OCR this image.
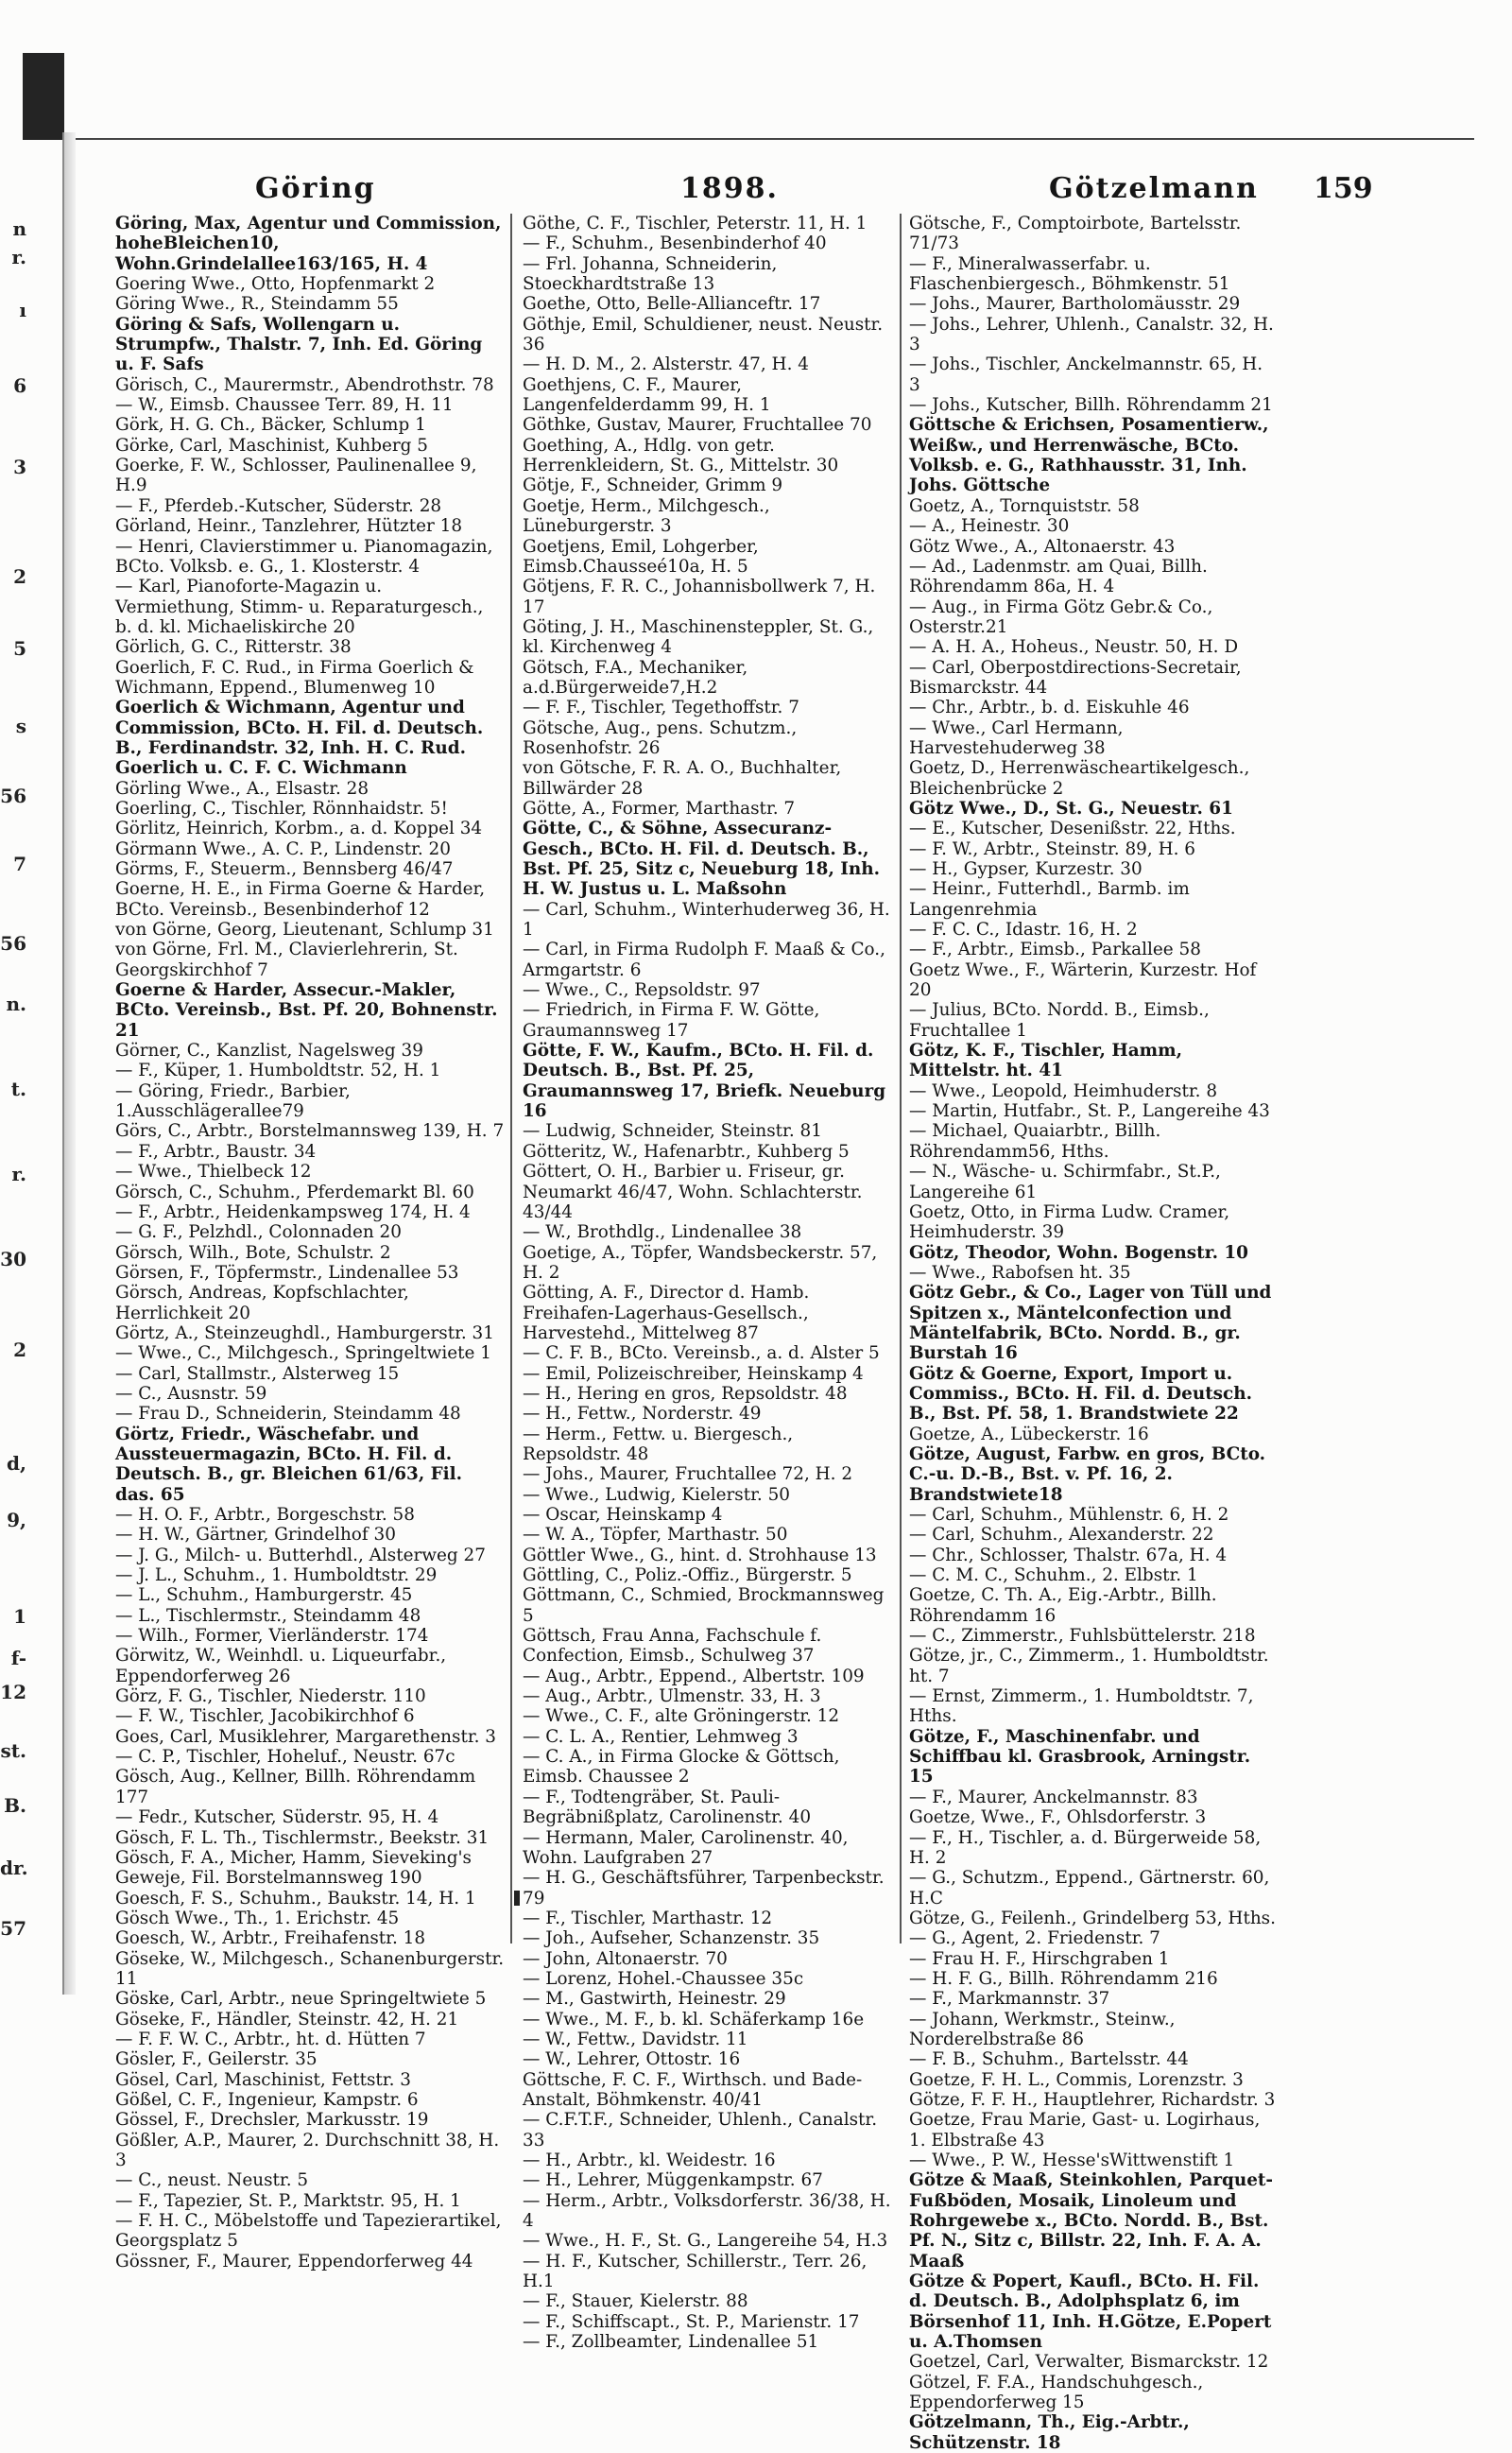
n
r.
ı
6
3
2
5
s
56
7
56
n.
t.
r.
30
2
d,
9,
1
f-
12
st.
B.
dr.
57
Göring	1898.	Götzelmann 159

Göring, Max, Agentur und Commission, hoheBleichen10, Wohn.Grindelallee163/165, H. 4

Goering Wwe., Otto, Hopfenmarkt 2

Göring Wwe., R., Steindamm 55

Göring & Safs, Wollengarn u. Strumpfw., Thalstr. 7, Inh. Ed. Göring u. F. Safs

Görisch, C., Maurermstr., Abendrothstr. 78

— W., Eimsb. Chaussee Terr. 89, H. 11

Görk, H. G. Ch., Bäcker, Schlump 1

Görke, Carl, Maschinist, Kuhberg 5

Goerke, F. W., Schlosser, Paulinenallee 9, H.9

— F., Pferdeb.-Kutscher, Süderstr. 28

Görland, Heinr., Tanzlehrer, Hützter 18

— Henri, Clavierstimmer u. Pianomagazin, BCto. Volksb. e. G., 1. Klosterstr. 4

— Karl, Pianoforte-Magazin u. Vermiethung, Stimm- u. Reparaturgesch., b. d. kl. Michaeliskirche 20

Görlich, G. C., Ritterstr. 38

Goerlich, F. C. Rud., in Firma Goerlich & Wichmann, Eppend., Blumenweg 10

Goerlich & Wichmann, Agentur und Commission, BCto. H. Fil. d. Deutsch. B., Ferdinandstr. 32, Inh. H. C. Rud. Goerlich u. C. F. C. Wichmann

Görling Wwe., A., Elsastr. 28

Goerling, C., Tischler, Rönnhaidstr. 5!

Görlitz, Heinrich, Korbm., a. d. Koppel 34

Görmann Wwe., A. C. P., Lindenstr. 20

Görms, F., Steuerm., Bennsberg 46/47

Goerne, H. E., in Firma Goerne & Harder, BCto. Vereinsb., Besenbinderhof 12

von Görne, Georg, Lieutenant, Schlump 31

von Görne, Frl. M., Clavierlehrerin, St. Georgskirchhof 7

Goerne & Harder, Assecur.-Makler, BCto. Vereinsb., Bst. Pf. 20, Bohnenstr. 21

Görner, C., Kanzlist, Nagelsweg 39

— F., Küper, 1. Humboldtstr. 52, H. 1

— Göring, Friedr., Barbier, 1.Ausschlägerallee79

Görs, C., Arbtr., Borstelmannsweg 139, H. 7

— F., Arbtr., Baustr. 34

— Wwe., Thielbeck 12

Görsch, C., Schuhm., Pferdemarkt Bl. 60

— F., Arbtr., Heidenkampsweg 174, H. 4

— G. F., Pelzhdl., Colonnaden 20

Görsch, Wilh., Bote, Schulstr. 2

Görsen, F., Töpfermstr., Lindenallee 53

Görsch, Andreas, Kopfschlachter, Herrlichkeit 20

Görtz, A., Steinzeughdl., Hamburgerstr. 31

— Wwe., C., Milchgesch., Springeltwiete 1

— Carl, Stallmstr., Alsterweg 15

— C., Ausnstr. 59

— Frau D., Schneiderin, Steindamm 48

Görtz, Friedr., Wäschefabr. und Aussteuermagazin, BCto. H. Fil. d. Deutsch. B., gr. Bleichen 61/63, Fil. das. 65

— H. O. F., Arbtr., Borgeschstr. 58

— H. W., Gärtner, Grindelhof 30

— J. G., Milch- u. Butterhdl., Alsterweg 27

— J. L., Schuhm., 1. Humboldtstr. 29

— L., Schuhm., Hamburgerstr. 45

— L., Tischlermstr., Steindamm 48

— Wilh., Former, Vierländerstr. 174

Görwitz, W., Weinhdl. u. Liqueurfabr., Eppendorferweg 26

Görz, F. G., Tischler, Niederstr. 110

— F. W., Tischler, Jacobikirchhof 6

Goes, Carl, Musiklehrer, Margarethenstr. 3

— C. P., Tischler, Hoheluf., Neustr. 67c

Gösch, Aug., Kellner, Billh. Röhrendamm 177

— Fedr., Kutscher, Süderstr. 95, H. 4

Gösch, F. L. Th., Tischlermstr., Beekstr. 31

Gösch, F. A., Micher, Hamm, Sieveking's Geweje, Fil. Borstelmannsweg 190

Goesch, F. S., Schuhm., Baukstr. 14, H. 1

Gösch Wwe., Th., 1. Erichstr. 45

Goesch, W., Arbtr., Freihafenstr. 18

Göseke, W., Milchgesch., Schanenburgerstr. 11

Göske, Carl, Arbtr., neue Springeltwiete 5

Göseke, F., Händler, Steinstr. 42, H. 21

— F. F. W. C., Arbtr., ht. d. Hütten 7

Gösler, F., Geilerstr. 35

Gösel, Carl, Maschinist, Fettstr. 3

Gößel, C. F., Ingenieur, Kampstr. 6

Gössel, F., Drechsler, Markusstr. 19

Gößler, A.P., Maurer, 2. Durchschnitt 38, H. 3

— C., neust. Neustr. 5

— F., Tapezier, St. P., Marktstr. 95, H. 1

— F. H. C., Möbelstoffe und Tapezierartikel, Georgsplatz 5

Gössner, F., Maurer, Eppendorferweg 44

Göthe, C. F., Tischler, Peterstr. 11, H. 1

— F., Schuhm., Besenbinderhof 40

— Frl. Johanna, Schneiderin, Stoeckhardtstraße 13

Goethe, Otto, Belle-Allianceftr. 17

Göthje, Emil, Schuldiener, neust. Neustr. 36

— H. D. M., 2. Alsterstr. 47, H. 4

Goethjens, C. F., Maurer, Langenfelderdamm 99, H. 1

Göthke, Gustav, Maurer, Fruchtallee 70

Goething, A., Hdlg. von getr. Herrenkleidern, St. G., Mittelstr. 30

Götje, F., Schneider, Grimm 9

Goetje, Herm., Milchgesch., Lüneburgerstr. 3

Goetjens, Emil, Lohgerber, Eimsb.Chausseé10a, H. 5

Götjens, F. R. C., Johannisbollwerk 7, H. 17

Göting, J. H., Maschinensteppler, St. G., kl. Kirchenweg 4

Götsch, F.A., Mechaniker, a.d.Bürgerweide7,H.2

— F. F., Tischler, Tegethoffstr. 7

Götsche, Aug., pens. Schutzm., Rosenhofstr. 26

von Götsche, F. R. A. O., Buchhalter, Billwärder 28

Götte, A., Former, Marthastr. 7

Götte, C., & Söhne, Assecuranz-Gesch., BCto. H. Fil. d. Deutsch. B., Bst. Pf. 25, Sitz c, Neueburg 18, Inh. H. W. Justus u. L. Maßsohn

— Carl, Schuhm., Winterhuderweg 36, H. 1

— Carl, in Firma Rudolph F. Maaß & Co., Armgartstr. 6

— Wwe., C., Repsoldstr. 97

— Friedrich, in Firma F. W. Götte, Graumannsweg 17

Götte, F. W., Kaufm., BCto. H. Fil. d. Deutsch. B., Bst. Pf. 25, Graumannsweg 17, Briefk. Neueburg 16

— Ludwig, Schneider, Steinstr. 81

Götteritz, W., Hafenarbtr., Kuhberg 5

Göttert, O. H., Barbier u. Friseur, gr. Neumarkt 46/47, Wohn. Schlachterstr. 43/44

— W., Brothdlg., Lindenallee 38

Goetige, A., Töpfer, Wandsbeckerstr. 57, H. 2

Götting, A. F., Director d. Hamb. Freihafen-Lagerhaus-Gesellsch., Harvestehd., Mittelweg 87

— C. F. B., BCto. Vereinsb., a. d. Alster 5

— Emil, Polizeischreiber, Heinskamp 4

— H., Hering en gros, Repsoldstr. 48

— H., Fettw., Norderstr. 49

— Herm., Fettw. u. Biergesch., Repsoldstr. 48

— Johs., Maurer, Fruchtallee 72, H. 2

— Wwe., Ludwig, Kielerstr. 50

— Oscar, Heinskamp 4

— W. A., Töpfer, Marthastr. 50

Göttler Wwe., G., hint. d. Strohhause 13

Göttling, C., Poliz.-Offiz., Bürgerstr. 5

Göttmann, C., Schmied, Brockmannsweg 5

Göttsch, Frau Anna, Fachschule f. Confection, Eimsb., Schulweg 37

— Aug., Arbtr., Eppend., Albertstr. 109

— Aug., Arbtr., Ulmenstr. 33, H. 3

— Wwe., C. F., alte Gröningerstr. 12

— C. L. A., Rentier, Lehmweg 3

— C. A., in Firma Glocke & Göttsch, Eimsb. Chaussee 2

— F., Todtengräber, St. Pauli-Begräbnißplatz, Carolinenstr. 40

— Hermann, Maler, Carolinenstr. 40, Wohn. Laufgraben 27

— H. G., Geschäftsführer, Tarpenbeckstr. 79

— F., Tischler, Marthastr. 12

— Joh., Aufseher, Schanzenstr. 35

— John, Altonaerstr. 70

— Lorenz, Hohel.-Chaussee 35c

— M., Gastwirth, Heinestr. 29

— Wwe., M. F., b. kl. Schäferkamp 16e

— W., Fettw., Davidstr. 11

— W., Lehrer, Ottostr. 16

Göttsche, F. C. F., Wirthsch. und Bade-Anstalt, Böhmkenstr. 40/41

— C.F.T.F., Schneider, Uhlenh., Canalstr. 33

— H., Arbtr., kl. Weidestr. 16

— H., Lehrer, Müggenkampstr. 67

— Herm., Arbtr., Volksdorferstr. 36/38, H. 4

— Wwe., H. F., St. G., Langereihe 54, H.3

— H. F., Kutscher, Schillerstr., Terr. 26, H.1

— F., Stauer, Kielerstr. 88

— F., Schiffscapt., St. P., Marienstr. 17

— F., Zollbeamter, Lindenallee 51

Götsche, F., Comptoirbote, Bartelsstr. 71/73

— F., Mineralwasserfabr. u. Flaschenbiergesch., Böhmkenstr. 51

— Johs., Maurer, Bartholomäusstr. 29

— Johs., Lehrer, Uhlenh., Canalstr. 32, H. 3

— Johs., Tischler, Anckelmannstr. 65, H. 3

— Johs., Kutscher, Billh. Röhrendamm 21

Göttsche & Erichsen, Posamentierw., Weißw., und Herrenwäsche, BCto. Volksb. e. G., Rathhausstr. 31, Inh. Johs. Göttsche

Goetz, A., Tornquiststr. 58

— A., Heinestr. 30

Götz Wwe., A., Altonaerstr. 43

— Ad., Ladenmstr. am Quai, Billh. Röhrendamm 86a, H. 4

— Aug., in Firma Götz Gebr.& Co., Osterstr.21

— A. H. A., Hoheus., Neustr. 50, H. D

— Carl, Oberpostdirections-Secretair, Bismarckstr. 44

— Chr., Arbtr., b. d. Eiskuhle 46

— Wwe., Carl Hermann, Harvestehuderweg 38

Goetz, D., Herrenwäscheartikelgesch., Bleichenbrücke 2

Götz Wwe., D., St. G., Neuestr. 61

— E., Kutscher, Desenißstr. 22, Hths.

— F. W., Arbtr., Steinstr. 89, H. 6

— H., Gypser, Kurzestr. 30

— Heinr., Futterhdl., Barmb. im Langenrehmia

— F. C. C., Idastr. 16, H. 2

— F., Arbtr., Eimsb., Parkallee 58

Goetz Wwe., F., Wärterin, Kurzestr. Hof 20

— Julius, BCto. Nordd. B., Eimsb., Fruchtallee 1

Götz, K. F., Tischler, Hamm, Mittelstr. ht. 41

— Wwe., Leopold, Heimhuderstr. 8

— Martin, Hutfabr., St. P., Langereihe 43

— Michael, Quaiarbtr., Billh. Röhrendamm56, Hths.

— N., Wäsche- u. Schirmfabr., St.P., Langereihe 61

Goetz, Otto, in Firma Ludw. Cramer, Heimhuderstr. 39

Götz, Theodor, Wohn. Bogenstr. 10

— Wwe., Rabofsen ht. 35

Götz Gebr., & Co., Lager von Tüll und Spitzen x., Mäntelconfection und Mäntelfabrik, BCto. Nordd. B., gr. Burstah 16

Götz & Goerne, Export, Import u. Commiss., BCto. H. Fil. d. Deutsch. B., Bst. Pf. 58, 1. Brandstwiete 22

Goetze, A., Lübeckerstr. 16

Götze, August, Farbw. en gros, BCto. C.-u. D.-B., Bst. v. Pf. 16, 2. Brandstwiete18

— Carl, Schuhm., Mühlenstr. 6, H. 2

— Carl, Schuhm., Alexanderstr. 22

— Chr., Schlosser, Thalstr. 67a, H. 4

— C. M. C., Schuhm., 2. Elbstr. 1

Goetze, C. Th. A., Eig.-Arbtr., Billh. Röhrendamm 16

— C., Zimmerstr., Fuhlsbüttelerstr. 218

Götze, jr., C., Zimmerm., 1. Humboldtstr. ht. 7

— Ernst, Zimmerm., 1. Humboldtstr. 7, Hths.

Götze, F., Maschinenfabr. und Schiffbau kl. Grasbrook, Arningstr. 15

— F., Maurer, Anckelmannstr. 83

Goetze, Wwe., F., Ohlsdorferstr. 3

— F., H., Tischler, a. d. Bürgerweide 58, H. 2

— G., Schutzm., Eppend., Gärtnerstr. 60, H.C

Götze, G., Feilenh., Grindelberg 53, Hths.

— G., Agent, 2. Friedenstr. 7

— Frau H. F., Hirschgraben 1

— H. F. G., Billh. Röhrendamm 216

— F., Markmannstr. 37

— Johann, Werkmstr., Steinw., Norderelbstraße 86

— F. B., Schuhm., Bartelsstr. 44

Goetze, F. H. L., Commis, Lorenzstr. 3

Götze, F. F. H., Hauptlehrer, Richardstr. 3

Goetze, Frau Marie, Gast- u. Logirhaus, 1. Elbstraße 43

— Wwe., P. W., Hesse'sWittwenstift 1

Götze & Maaß, Steinkohlen, Parquet-Fußböden, Mosaik, Linoleum und Rohrgewebe x., BCto. Nordd. B., Bst. Pf. N., Sitz c, Billstr. 22, Inh. F. A. A. Maaß

Götze & Popert, Kaufl., BCto. H. Fil. d. Deutsch. B., Adolphsplatz 6, im Börsenhof 11, Inh. H.Götze, E.Popert u. A.Thomsen

Goetzel, Carl, Verwalter, Bismarckstr. 12

Götzel, F. F.A., Handschuhgesch., Eppendorferweg 15

Götzelmann, Th., Eig.-Arbtr., Schützenstr. 18
